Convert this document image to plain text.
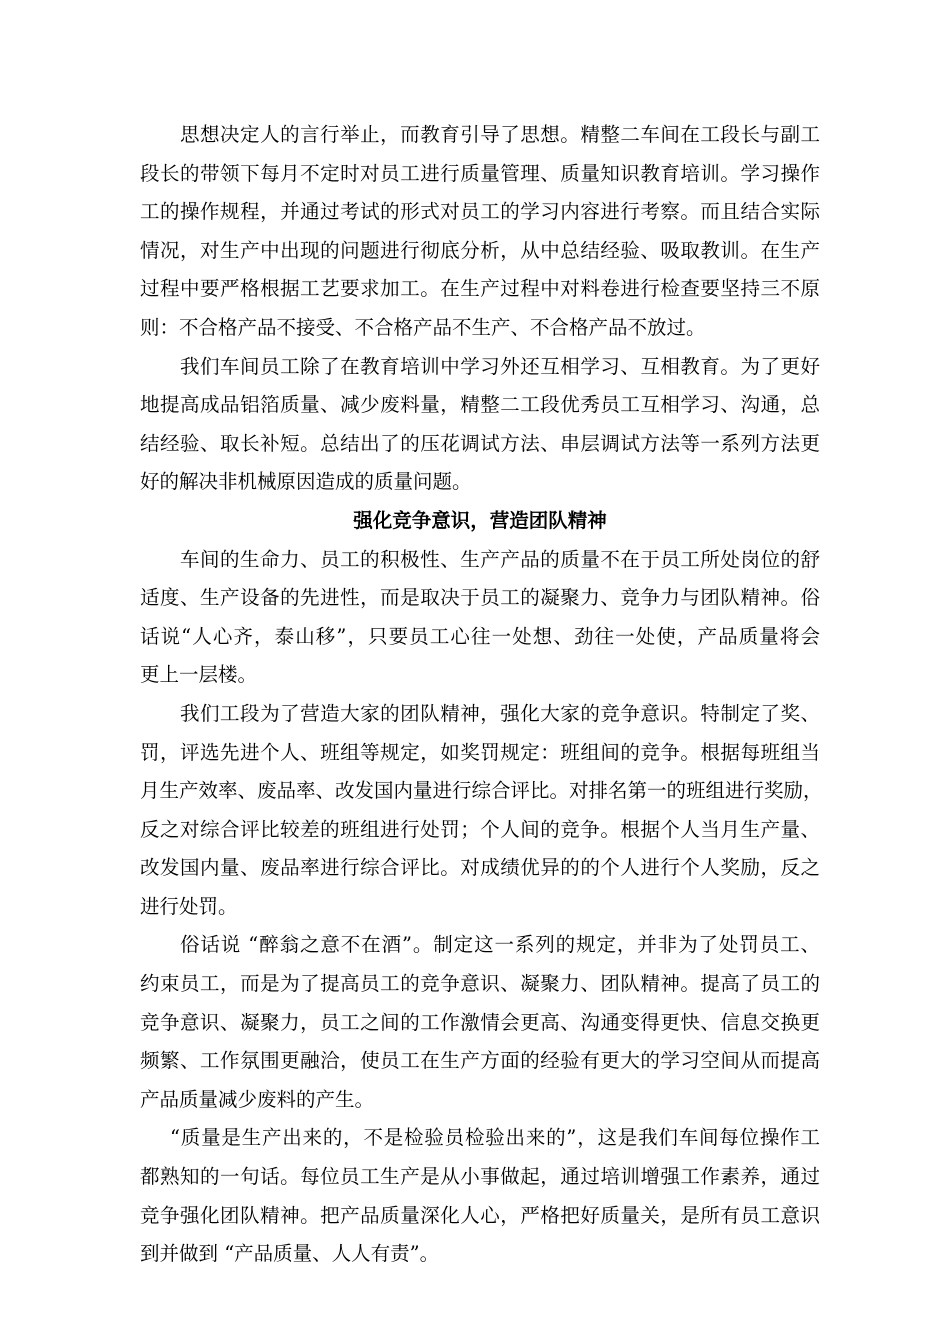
思想决定人的言行举止，而教育引导了思想。精整二车间在工段长与副工
段长的带领下每月不定时对员工进行质量管理、质量知识教育培训。学习操作
工的操作规程，并通过考试的形式对员工的学习内容进行考察。而且结合实际
情况，对生产中出现的问题进行彻底分析，从中总结经验、吸取教训。在生产
过程中要严格根据工艺要求加工。在生产过程中对料卷进行检查要坚持三不原
则：不合格产品不接受、不合格产品不生产、不合格产品不放过。
我们车间员工除了在教育培训中学习外还互相学习、互相教育。为了更好
地提高成品铝箔质量、减少废料量，精整二工段优秀员工互相学习、沟通，总
结经验、取长补短。总结出了的压花调试方法、串层调试方法等一系列方法更
好的解决非机械原因造成的质量问题。
强化竞争意识，营造团队精神
车间的生命力、员工的积极性、生产产品的质量不在于员工所处岗位的舒
适度、生产设备的先进性，而是取决于员工的凝聚力、竞争力与团队精神。俗
话说“人心齐，泰山移”，只要员工心往一处想、劲往一处使，产品质量将会
更上一层楼。
我们工段为了营造大家的团队精神，强化大家的竞争意识。特制定了奖、
罚，评选先进个人、班组等规定，如奖罚规定：班组间的竞争。根据每班组当
月生产效率、废品率、改发国内量进行综合评比。对排名第一的班组进行奖励，
反之对综合评比较差的班组进行处罚；个人间的竞争。根据个人当月生产量、
改发国内量、废品率进行综合评比。对成绩优异的的个人进行个人奖励，反之
进行处罚。
俗话说 “醉翁之意不在酒”。制定这一系列的规定，并非为了处罚员工、
约束员工，而是为了提高员工的竞争意识、凝聚力、团队精神。提高了员工的
竞争意识、凝聚力，员工之间的工作激情会更高、沟通变得更快、信息交换更
频繁、工作氛围更融洽，使员工在生产方面的经验有更大的学习空间从而提高
产品质量减少废料的产生。
“质量是生产出来的，不是检验员检验出来的”，这是我们车间每位操作工
都熟知的一句话。每位员工生产是从小事做起，通过培训增强工作素养，通过
竞争强化团队精神。把产品质量深化人心，严格把好质量关，是所有员工意识
到并做到 “产品质量、人人有责”。
